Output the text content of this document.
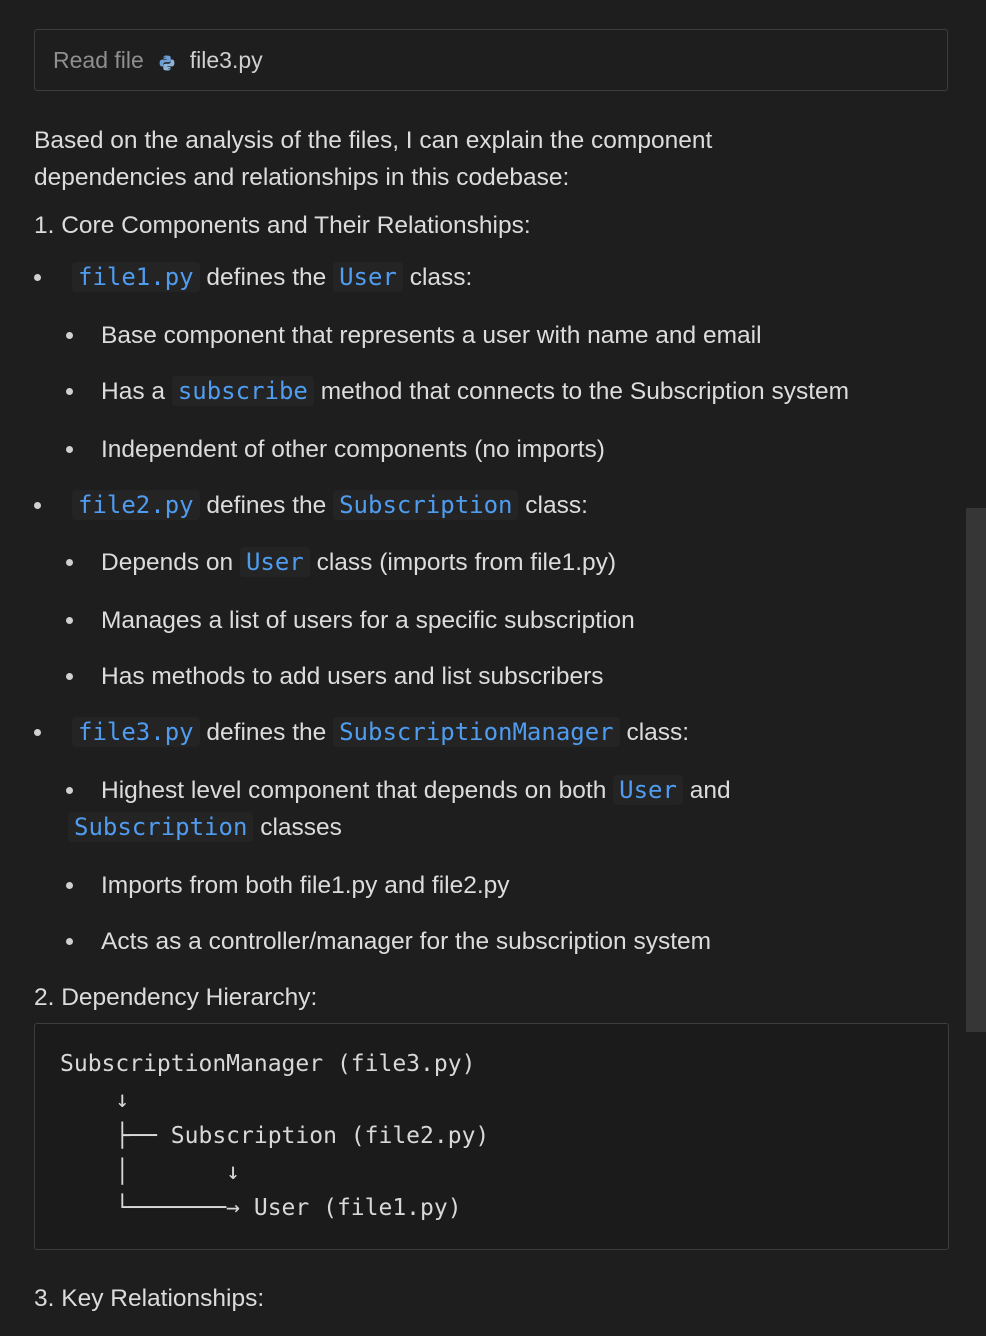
Read file file3.py
Based on the analysis of the files, I can explain the component
dependencies and relationships in this codebase:
1. Core Components and Their Relationships:
file1.py defines the User class:
Base component that represents a user with name and email
Has a subscribe method that connects to the Subscription system
Independent of other components (no imports)
file2.py defines the Subscription class:
Depends on User class (imports from file1.py)
Manages a list of users for a specific subscription
Has methods to add users and list subscribers
file3.py defines the SubscriptionManager class:
Highest level component that depends on both User and
Subscription classes
Imports from both file1.py and file2.py
Acts as a controller/manager for the subscription system
2. Dependency Hierarchy:
SubscriptionManager (file3.py)
↓
├── Subscription (file2.py)
│       ↓
└───────→ User (file1.py)
3. Key Relationships:
